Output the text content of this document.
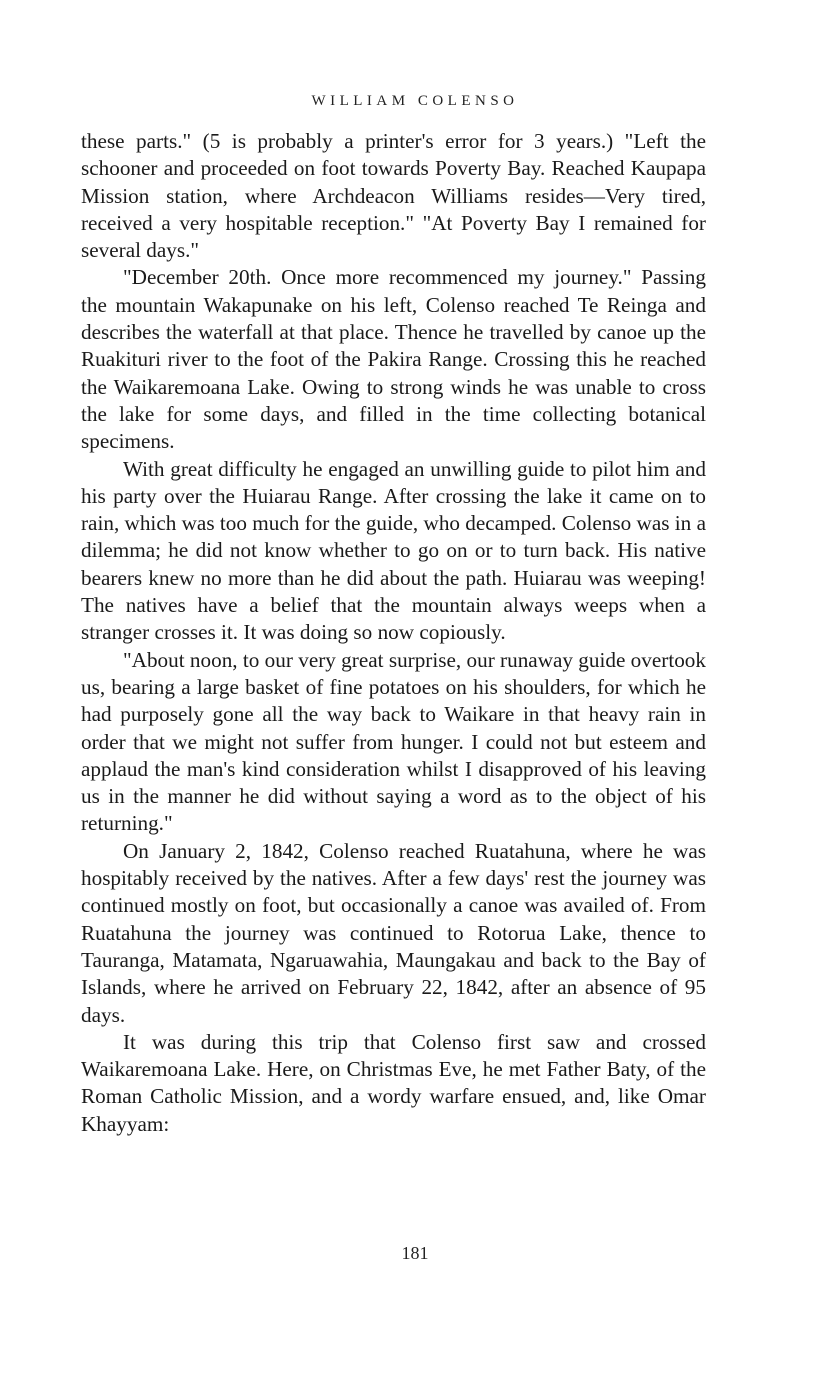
WILLIAM COLENSO

these parts." (5 is probably a printer's error for 3 years.) "Left the schooner and proceeded on foot towards Poverty Bay. Reached Kaupapa Mission station, where Archdeacon Williams resides—Very tired, received a very hospitable reception." "At Poverty Bay I remained for several days."

"December 20th. Once more recommenced my journey." Passing the mountain Wakapunake on his left, Colenso reached Te Reinga and describes the waterfall at that place. Thence he travelled by canoe up the Ruakituri river to the foot of the Pakira Range. Crossing this he reached the Waikaremoana Lake. Owing to strong winds he was unable to cross the lake for some days, and filled in the time collecting botanical specimens.

With great difficulty he engaged an unwilling guide to pilot him and his party over the Huiarau Range. After crossing the lake it came on to rain, which was too much for the guide, who decamped. Colenso was in a dilemma; he did not know whether to go on or to turn back. His native bearers knew no more than he did about the path. Huiarau was weeping! The natives have a belief that the mountain always weeps when a stranger crosses it. It was doing so now copiously.

"About noon, to our very great surprise, our runaway guide overtook us, bearing a large basket of fine potatoes on his shoulders, for which he had purposely gone all the way back to Waikare in that heavy rain in order that we might not suffer from hunger. I could not but esteem and applaud the man's kind consideration whilst I disapproved of his leaving us in the manner he did without saying a word as to the object of his returning."

On January 2, 1842, Colenso reached Ruatahuna, where he was hospitably received by the natives. After a few days' rest the journey was continued mostly on foot, but occasionally a canoe was availed of. From Ruatahuna the journey was continued to Rotorua Lake, thence to Tauranga, Matamata, Ngaruawahia, Maungakau and back to the Bay of Islands, where he arrived on February 22, 1842, after an absence of 95 days.

It was during this trip that Colenso first saw and crossed Waikaremoana Lake. Here, on Christmas Eve, he met Father Baty, of the Roman Catholic Mission, and a wordy warfare ensued, and, like Omar Khayyam:

181
